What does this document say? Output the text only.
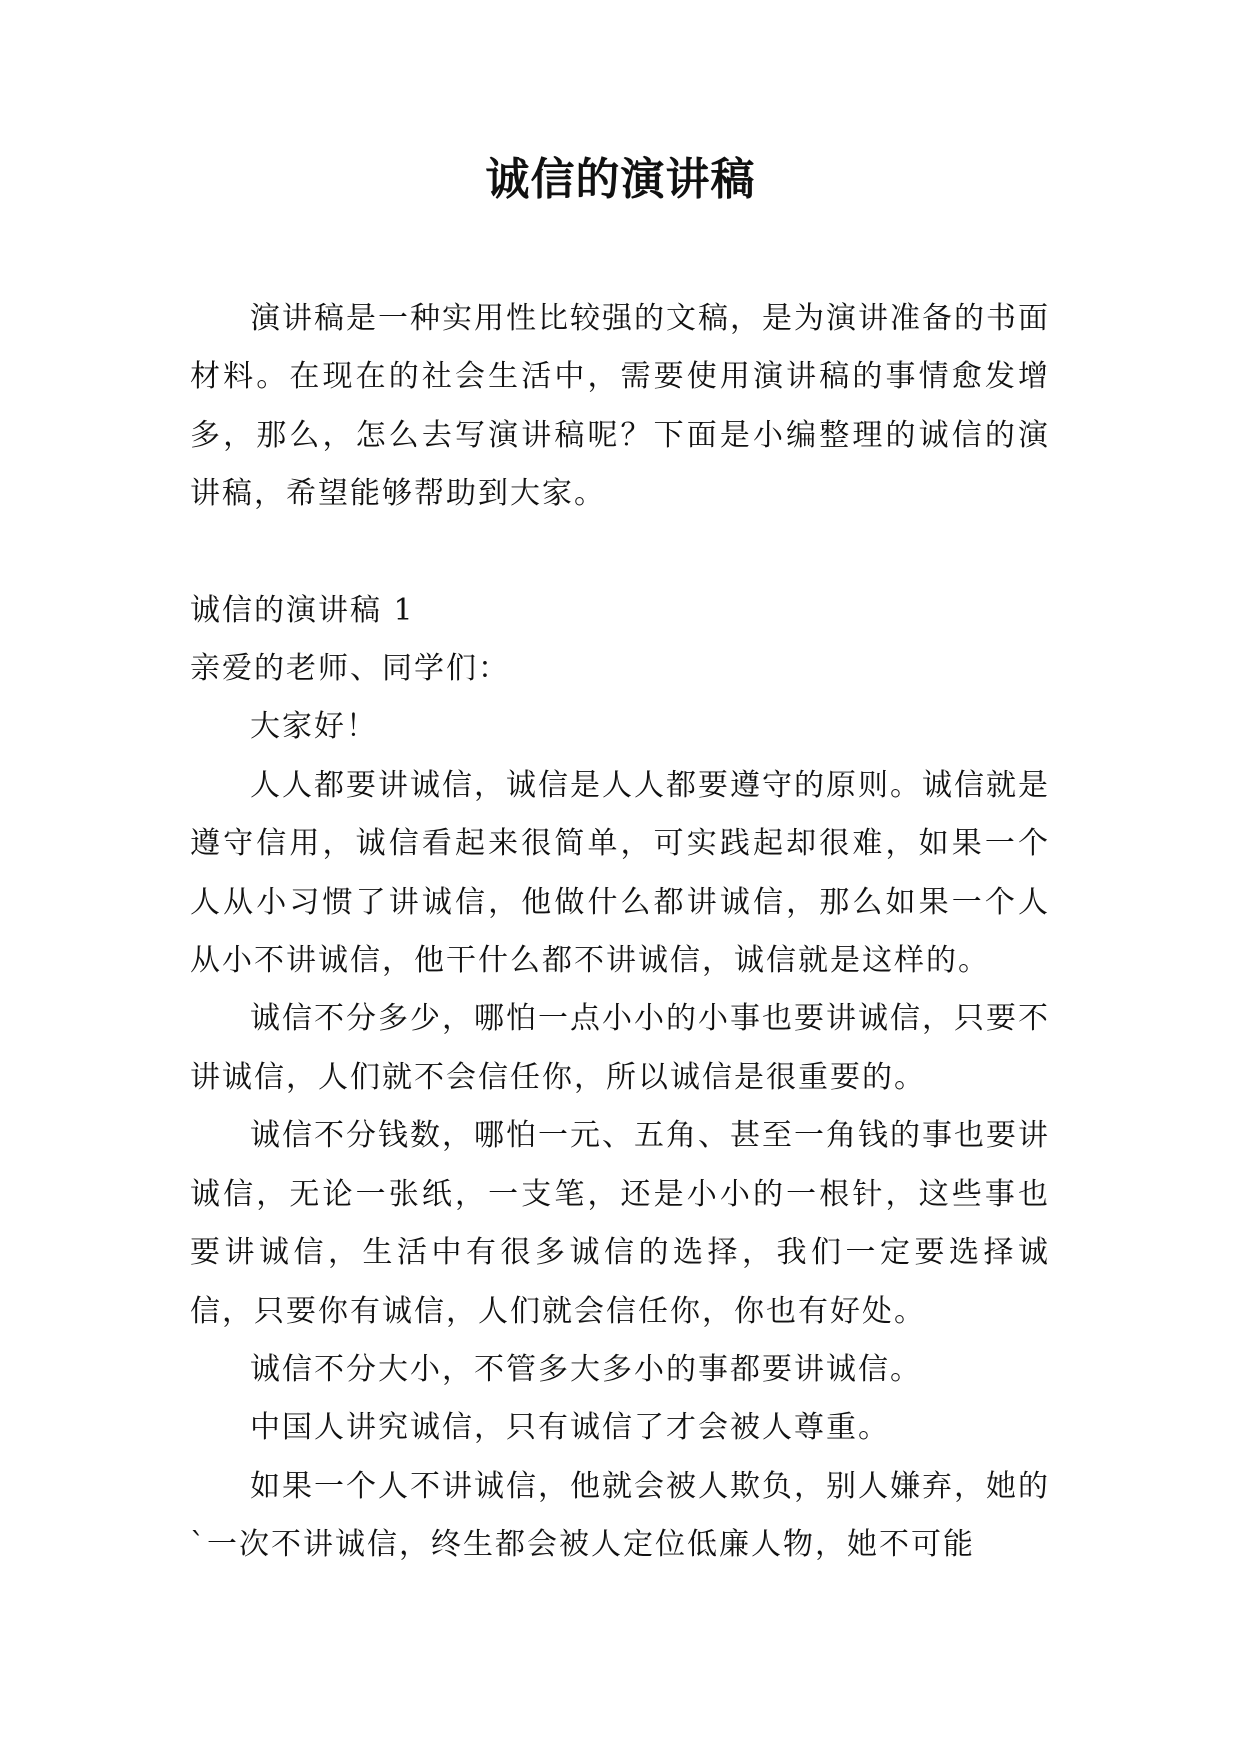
诚信的演讲稿

演讲稿是一种实用性比较强的文稿，是为演讲准备的书面材料。在现在的社会生活中，需要使用演讲稿的事情愈发增多，那么，怎么去写演讲稿呢？下面是小编整理的诚信的演讲稿，希望能够帮助到大家。

诚信的演讲稿 1

亲爱的老师、同学们：

大家好！

人人都要讲诚信，诚信是人人都要遵守的原则。诚信就是遵守信用，诚信看起来很简单，可实践起却很难，如果一个人从小习惯了讲诚信，他做什么都讲诚信，那么如果一个人从小不讲诚信，他干什么都不讲诚信，诚信就是这样的。

诚信不分多少，哪怕一点小小的小事也要讲诚信，只要不讲诚信，人们就不会信任你，所以诚信是很重要的。

诚信不分钱数，哪怕一元、五角、甚至一角钱的事也要讲诚信，无论一张纸，一支笔，还是小小的一根针，这些事也要讲诚信，生活中有很多诚信的选择，我们一定要选择诚信，只要你有诚信，人们就会信任你，你也有好处。

诚信不分大小，不管多大多小的事都要讲诚信。

中国人讲究诚信，只有诚信了才会被人尊重。

如果一个人不讲诚信，他就会被人欺负，别人嫌弃，她的`一次不讲诚信，终生都会被人定位低廉人物，她不可能
